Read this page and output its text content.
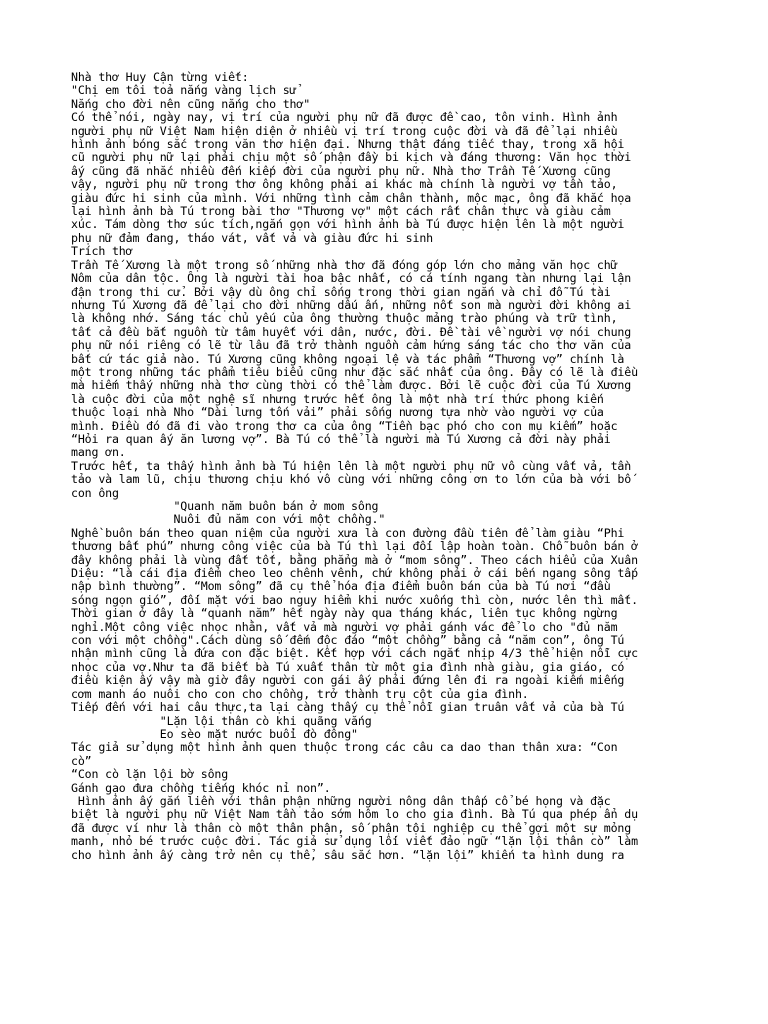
Nhà thơ Huy Cận từng viết:

"Chị em tôi toả nắng vàng lịch sử

Nắng cho đời nên cũng nắng cho thơ"

Có thể nói, ngày nay, vị trí của người phụ nữ đã được đề cao, tôn vinh. Hình ảnh

người phụ nữ Việt Nam hiện diện ở nhiều vị trí trong cuộc đời và đã để lại nhiều

hình ảnh bóng sắc trong văn thơ hiện đại. Nhưng thật đáng tiếc thay, trong xã hội

cũ người phụ nữ lại phải chịu một số phận đầy bi kịch và đáng thương: Văn học thời

ấy cũng đã nhắc nhiều đến kiếp đời của người phụ nữ. Nhà thơ Trần Tế Xương cũng

vậy, người phụ nữ trong thơ ông không phải ai khác mà chính là người vợ tần tảo,

giàu đức hi sinh của mình. Với những tình cảm chân thành, mộc mạc, ông đã khắc họa

lại hình ảnh bà Tú trong bài thơ "Thương vợ" một cách rất chân thực và giàu cảm

xúc. Tám dòng thơ súc tích,ngắn gọn với hình ảnh bà Tú được hiện lên là một người

phụ nữ đảm đang, tháo vát, vất vả và giàu đức hi sinh

Trích thơ

Trần Tế Xương là một trong số những nhà thơ đã đóng góp lớn cho mảng văn học chữ

Nôm của dân tộc. Ông là người tài hoa bậc nhất, có cá tính ngang tàn nhưng lại lận

đận trong thi cử. Bởi vậy dù ông chỉ sống trong thời gian ngắn và chỉ đỗ Tú tài

nhưng Tú Xương đã để lại cho đời những dấu ấn, những nốt son mà người đời không ai

là không nhớ. Sáng tác chủ yếu của ông thường thuộc mảng trào phúng và trữ tình,

tất cả đều bắt nguồn từ tâm huyết với dân, nước, đời. Đề tài về người vợ nói chung

phụ nữ nói riêng có lẽ từ lâu đã trở thành nguồn cảm hứng sáng tác cho thơ văn của

bất cứ tác giả nào. Tú Xương cũng không ngoại lệ và tác phẩm “Thương vợ” chính là

một trong những tác phẩm tiêu biểu cũng như đặc sắc nhất của ông. Đây có lẽ là điều

mà hiếm thấy những nhà thơ cùng thời có thể làm được. Bởi lẽ cuộc đời của Tú Xương

là cuộc đời của một nghệ sĩ nhưng trước hết ông là một nhà trí thức phong kiến

thuộc loại nhà Nho “Dài lưng tốn vải” phải sống nương tựa nhờ vào người vợ của

mình. Điều đó đã đi vào trong thơ ca của ông “Tiền bạc phó cho con mụ kiếm” hoặc

“Hỏi ra quan ấy ăn lương vợ”. Bà Tú có thể là người mà Tú Xương cả đời này phải

mang ơn.

Trước hết, ta thấy hình ảnh bà Tú hiện lên là một người phụ nữ vô cùng vất vả, tần

tảo và lam lũ, chịu thương chịu khó vô cùng với những công ơn to lớn của bà với bố

con ông

"Quanh năm buôn bán ở mom sông

Nuôi đủ năm con với một chồng."

Nghề buôn bán theo quan niệm của người xưa là con đường đầu tiên để làm giàu “Phi

thương bất phú” nhưng công việc của bà Tú thì lại đối lập hoàn toàn. Chỗ buôn bán ở

đây không phải là vùng đất tốt, bằng phẳng mà ở “mom sông”. Theo cách hiểu của Xuân

Diệu: “là cái địa điểm cheo leo chênh vênh, chứ không phải ở cái bến ngang sông tấp

nập bình thường”. “Mom sông” đã cụ thể hóa địa điểm buôn bán của bà Tú nơi “đầu

sóng ngọn gió”, đối mặt với bao nguy hiểm khi nước xuống thì còn, nước lên thì mất.

Thời gian ở đây là “quanh năm” hết ngày này qua tháng khác, liên tục không ngừng

nghỉ.Một công việc nhọc nhằn, vất vả mà người vợ phải gánh vác để lo cho "đủ năm

con với một chồng".Cách dùng số đếm độc đáo “một chồng” bằng cả “năm con”, ông Tú

nhận mình cũng là đứa con đặc biệt. Kết hợp với cách ngắt nhịp 4/3 thể hiện nỗi cực

nhọc của vợ.Như ta đã biết bà Tú xuất thân từ một gia đình nhà giàu, gia giáo, có

điều kiện ấy vậy mà giờ đây người con gái ấy phải đứng lên đi ra ngoài kiếm miếng

cơm manh áo nuôi cho con cho chồng, trở thành trụ cột của gia đình.

Tiếp đến với hai câu thực,ta lại càng thấy cụ thể nỗi gian truân vất vả của bà Tú

"Lặn lội thân cò khi quãng vắng

Eo sèo mặt nước buổi đò đông"

Tác giả sử dụng một hình ảnh quen thuộc trong các câu ca dao than thân xưa: “Con

cò”

“Con cò lặn lội bờ sông

Gánh gạo đưa chồng tiếng khóc nỉ non”.

Hình ảnh ấy gắn liền với thân phận những người nông dân thấp cổ bé họng và đặc

biệt là người phụ nữ Việt Nam tần tảo sớm hôm lo cho gia đình. Bà Tú qua phép ẩn dụ

đã được ví như là thân cò một thân phận, số phận tội nghiệp cụ thể gợi một sự mỏng

manh, nhỏ bé trước cuộc đời. Tác giả sử dụng lối viết đảo ngữ “lặn lội thân cò” làm

cho hình ảnh ấy càng trở nên cụ thể, sâu sắc hơn. “lặn lội” khiến ta hình dung ra
